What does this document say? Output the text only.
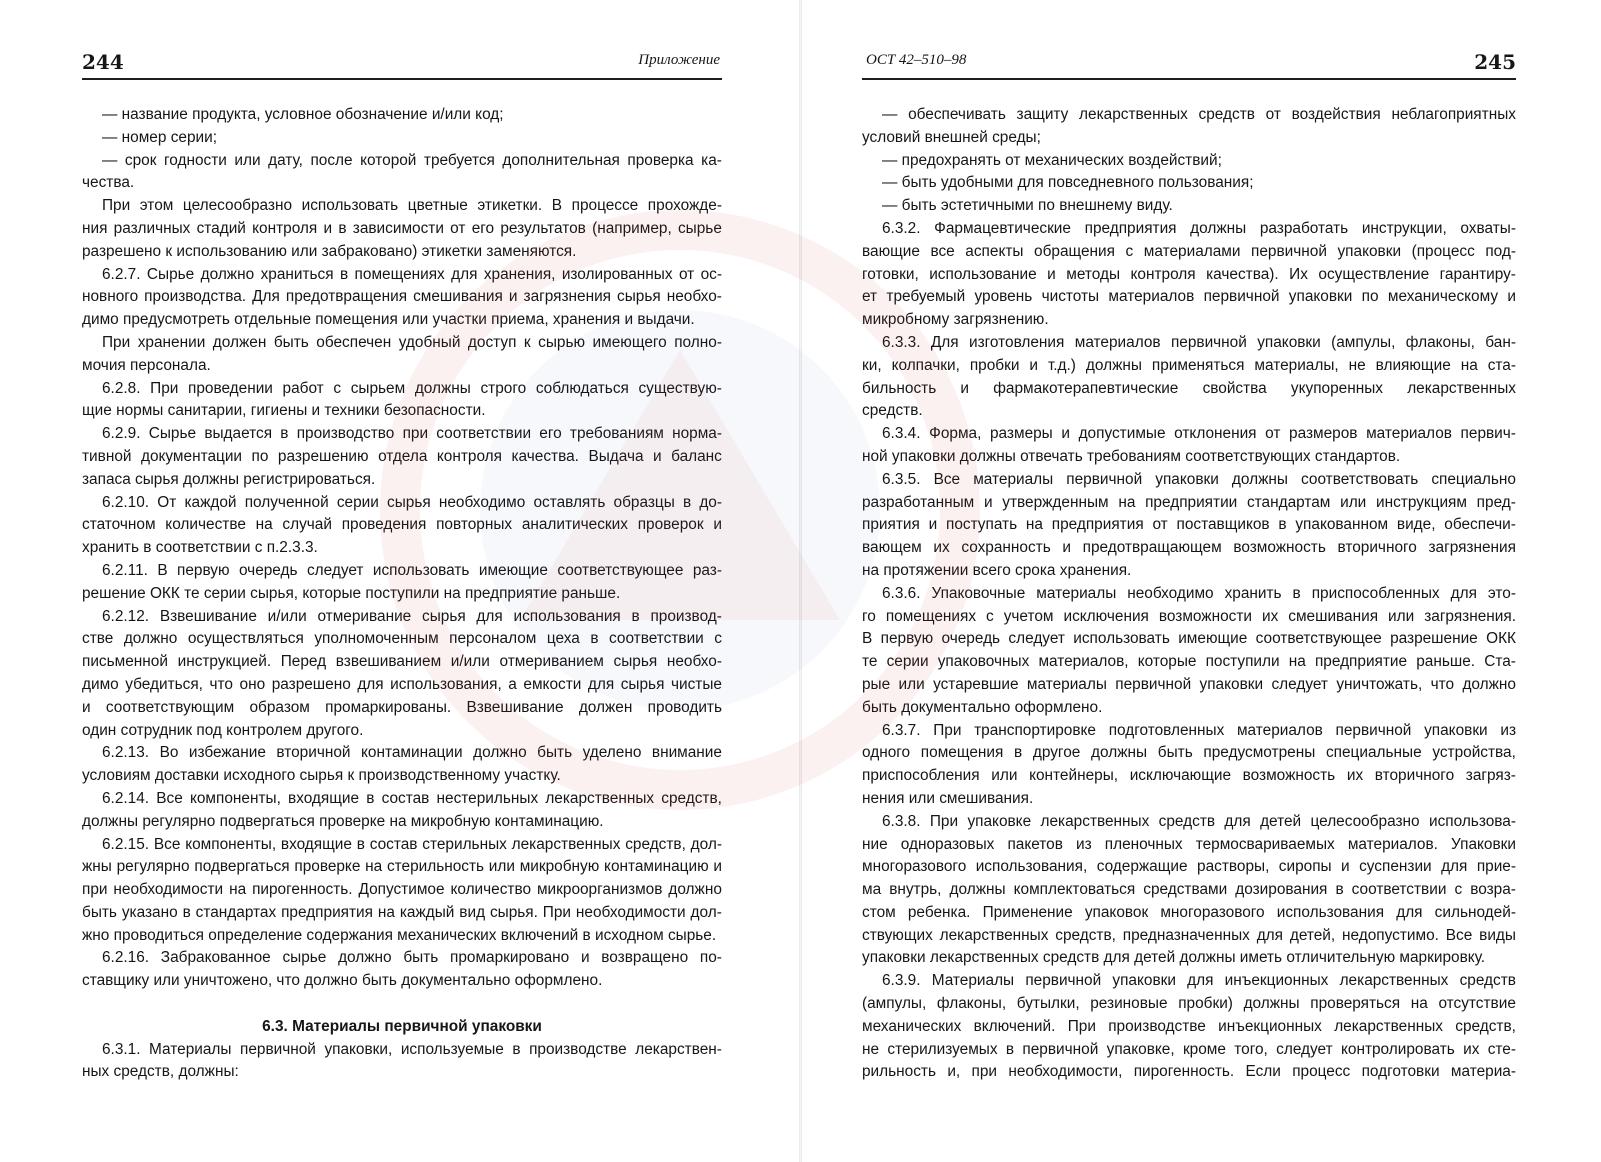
244	Приложение
— название продукта, условное обозначение и/или код;
— номер серии;
— срок годности или дату, после которой требуется дополнительная проверка ка-
чества.
При этом целесообразно использовать цветные этикетки. В процессе прохожде-
ния различных стадий контроля и в зависимости от его результатов (например, сырье
разрешено к использованию или забраковано) этикетки заменяются.
6.2.7. Сырье должно храниться в помещениях для хранения, изолированных от ос-
новного производства. Для предотвращения смешивания и загрязнения сырья необхо-
димо предусмотреть отдельные помещения или участки приема, хранения и выдачи.
При хранении должен быть обеспечен удобный доступ к сырью имеющего полно-
мочия персонала.
6.2.8. При проведении работ с сырьем должны строго соблюдаться существую-
щие нормы санитарии, гигиены и техники безопасности.
6.2.9. Сырье выдается в производство при соответствии его требованиям норма-
тивной документации по разрешению отдела контроля качества. Выдача и баланс
запаса сырья должны регистрироваться.
6.2.10. От каждой полученной серии сырья необходимо оставлять образцы в до-
статочном количестве на случай проведения повторных аналитических проверок и
хранить в соответствии с п.2.3.3.
6.2.11. В первую очередь следует использовать имеющие соответствующее раз-
решение ОКК те серии сырья, которые поступили на предприятие раньше.
6.2.12. Взвешивание и/или отмеривание сырья для использования в производ-
стве должно осуществляться уполномоченным персоналом цеха в соответствии с
письменной инструкцией. Перед взвешиванием и/или отмериванием сырья необхо-
димо убедиться, что оно разрешено для использования, а емкости для сырья чистые
и соответствующим образом промаркированы. Взвешивание должен проводить
один сотрудник под контролем другого.
6.2.13. Во избежание вторичной контаминации должно быть уделено внимание
условиям доставки исходного сырья к производственному участку.
6.2.14. Все компоненты, входящие в состав нестерильных лекарственных средств,
должны регулярно подвергаться проверке на микробную контаминацию.
6.2.15. Все компоненты, входящие в состав стерильных лекарственных средств, дол-
жны регулярно подвергаться проверке на стерильность или микробную контаминацию и
при необходимости на пирогенность. Допустимое количество микроорганизмов должно
быть указано в стандартах предприятия на каждый вид сырья. При необходимости дол-
жно проводиться определение содержания механических включений в исходном сырье.
6.2.16. Забракованное сырье должно быть промаркировано и возвращено по-
ставщику или уничтожено, что должно быть документально оформлено.
6.3. Материалы первичной упаковки
6.3.1. Материалы первичной упаковки, используемые в производстве лекарствен-
ных средств, должны:
ОСТ 42–510–98	245
— обеспечивать защиту лекарственных средств от воздействия неблагоприятных
условий внешней среды;
— предохранять от механических воздействий;
— быть удобными для повседневного пользования;
— быть эстетичными по внешнему виду.
6.3.2. Фармацевтические предприятия должны разработать инструкции, охваты-
вающие все аспекты обращения с материалами первичной упаковки (процесс под-
готовки, использование и методы контроля качества). Их осуществление гарантиру-
ет требуемый уровень чистоты материалов первичной упаковки по механическому и
микробному загрязнению.
6.3.3. Для изготовления материалов первичной упаковки (ампулы, флаконы, бан-
ки, колпачки, пробки и т.д.) должны применяться материалы, не влияющие на ста-
бильность и фармакотерапевтические свойства укупоренных лекарственных
средств.
6.3.4. Форма, размеры и допустимые отклонения от размеров материалов первич-
ной упаковки должны отвечать требованиям соответствующих стандартов.
6.3.5. Все материалы первичной упаковки должны соответствовать специально
разработанным и утвержденным на предприятии стандартам или инструкциям пред-
приятия и поступать на предприятия от поставщиков в упакованном виде, обеспечи-
вающем их сохранность и предотвращающем возможность вторичного загрязнения
на протяжении всего срока хранения.
6.3.6. Упаковочные материалы необходимо хранить в приспособленных для это-
го помещениях с учетом исключения возможности их смешивания или загрязнения.
В первую очередь следует использовать имеющие соответствующее разрешение ОКК
те серии упаковочных материалов, которые поступили на предприятие раньше. Ста-
рые или устаревшие материалы первичной упаковки следует уничтожать, что должно
быть документально оформлено.
6.3.7. При транспортировке подготовленных материалов первичной упаковки из
одного помещения в другое должны быть предусмотрены специальные устройства,
приспособления или контейнеры, исключающие возможность их вторичного загряз-
нения или смешивания.
6.3.8. При упаковке лекарственных средств для детей целесообразно использова-
ние одноразовых пакетов из пленочных термосвариваемых материалов. Упаковки
многоразового использования, содержащие растворы, сиропы и суспензии для прие-
ма внутрь, должны комплектоваться средствами дозирования в соответствии с возра-
стом ребенка. Применение упаковок многоразового использования для сильнодей-
ствующих лекарственных средств, предназначенных для детей, недопустимо. Все виды
упаковки лекарственных средств для детей должны иметь отличительную маркировку.
6.3.9. Материалы первичной упаковки для инъекционных лекарственных средств
(ампулы, флаконы, бутылки, резиновые пробки) должны проверяться на отсутствие
механических включений. При производстве инъекционных лекарственных средств,
не стерилизуемых в первичной упаковке, кроме того, следует контролировать их сте-
рильность и, при необходимости, пирогенность. Если процесс подготовки материа-
